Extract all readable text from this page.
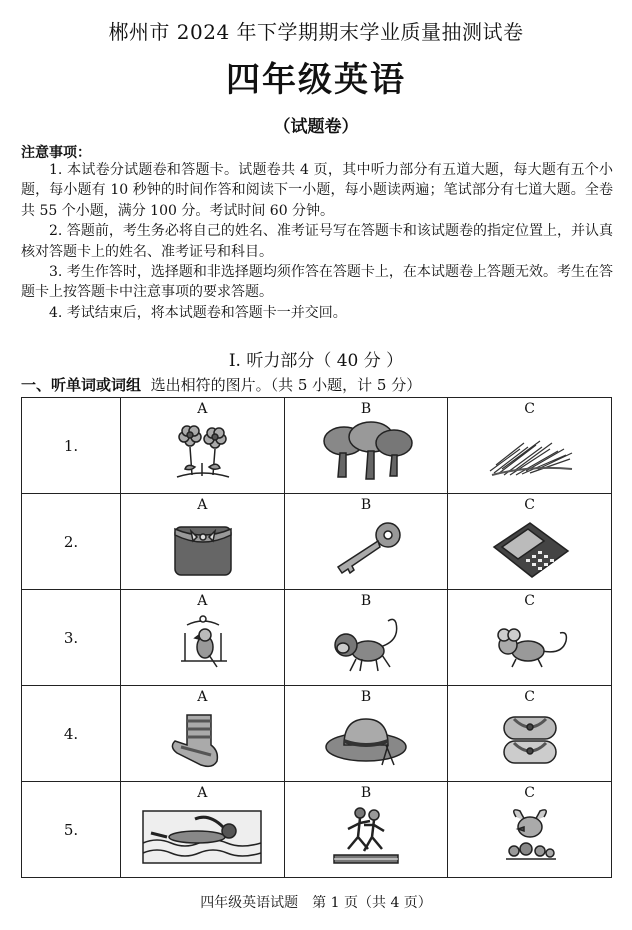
郴州市 2024 年下学期期末学业质量抽测试卷
四年级英语
（试题卷）
注意事项：

1. 本试卷分试题卷和答题卡。试题卷共 4 页，其中听力部分有五道大题，每大题有五个小题，每小题有 10 秒钟的时间作答和阅读下一小题，每小题读两遍；笔试部分有七道大题。全卷共 55 个小题，满分 100 分。考试时间 60 分钟。

2. 答题前，考生务必将自己的姓名、准考证号写在答题卡和该试题卷的指定位置上，并认真核对答题卡上的姓名、准考证号和科目。

3. 考生作答时，选择题和非选择题均须作答在答题卡上，在本试题卷上答题无效。考生在答题卡上按答题卡中注意事项的要求答题。

4. 考试结束后，将本试题卷和答题卡一并交回。

I. 听力部分（ 40 分 ）
一、听单词或词组 选出相符的图片。（共 5 小题，计 5 分）
1.	A	B	C

2.	A	B	C

3.	A	B	C

4.	A	B	C

5.	A	B	C
四年级英语试题　第 1 页（共 4 页）
